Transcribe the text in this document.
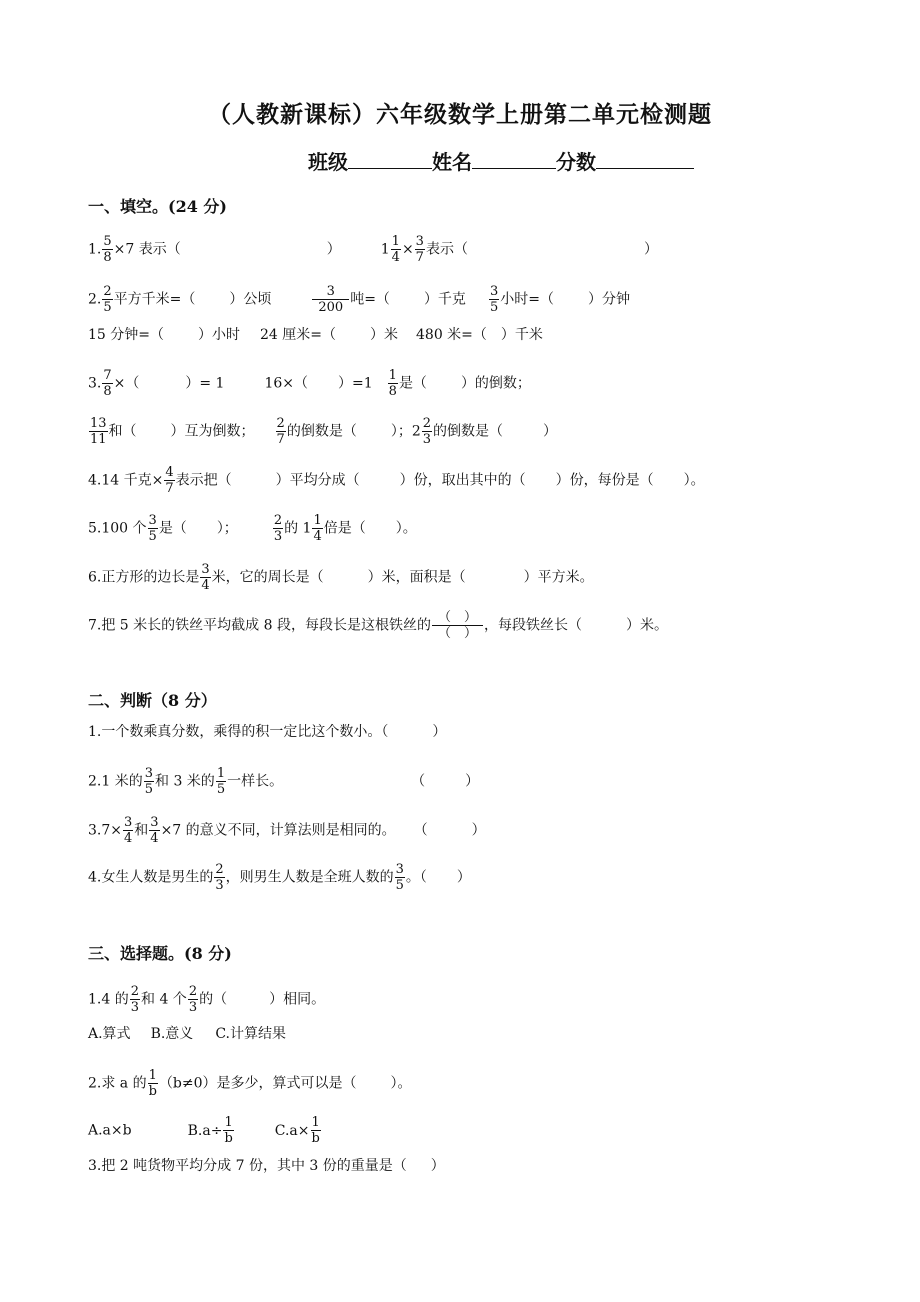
（人教新课标）六年级数学上册第二单元检测题
班级	姓名	分数
一、填空。(24 分)
1. $\frac{5}{8} \times 7$ 表示（	）	$1 \frac{1}{4} \times \frac{3}{7}$ 表示（	）
2. $\frac{2}{5}$ 平方千米=（ ）公顷	$\frac{3}{200}$ 吨=（ ）千克 $\frac{3}{5}$ 小时=（ ）分钟
15 分钟=（ ）小时 24 厘米=（ ）米 480 米=（ ）千米
3. $\frac{7}{8}$ ×（	）= 1	16×（ ）$=1 \frac{1}{8}$ 是（ ）的倒数；
$\frac{13}{11}$ 和（ ）互为倒数； $\frac{2}{7}$ 的倒数是（ ）；$2 \frac{2}{3}$ 的倒数是（	）
4.14 千克× $\frac{4}{7}$ 表示把（	）平均分成（	）份，取出其中的（ ）份，每份是（ ）。
5.100 个 $\frac{3}{5}$ 是（ ）；	$\frac{2}{3}$ 的 $1 \frac{1}{4}$ 倍是（ ）。
6.正方形的边长是 $\frac{3}{4}$ 米，它的周长是（	）米，面积是（	）平方米。
7.把 5 米长的铁丝平均截成 8 段，每段长是这根铁丝的 $\frac{( )}{( )}$ ，每段铁丝长（	）米。
二、判断（8 分）
1.一个数乘真分数，乘得的积一定比这个数小。（	）
2.1 米的 $\frac{3}{5}$ 和 3 米的 $\frac{1}{5}$ 一样长。	（	）
$3.7\times \frac{3}{4}$ 和 $\frac{3}{4} \times 7$ 的意义不同，计算法则是相同的。 （	）
4.女生人数是男生的 $\frac{2}{3}$ ，则男生人数是全班人数的 $\frac{3}{5}$ 。（ ）
三、选择题。(8 分)
1.4 的 $\frac{2}{3}$ 和 4 个 $\frac{2}{3}$ 的（	）相同。
A.算式 B.意义 C.计算结果
2.求 a 的 $\frac{1}{b} (b\ne 0)$是多少，算式可以是（ ）。
A.a×b	$B.a\div \frac{1}{b}$	$C.a\times \frac{1}{b}$
3.把 2 吨货物平均分成 7 份，其中 3 份的重量是（ ）
